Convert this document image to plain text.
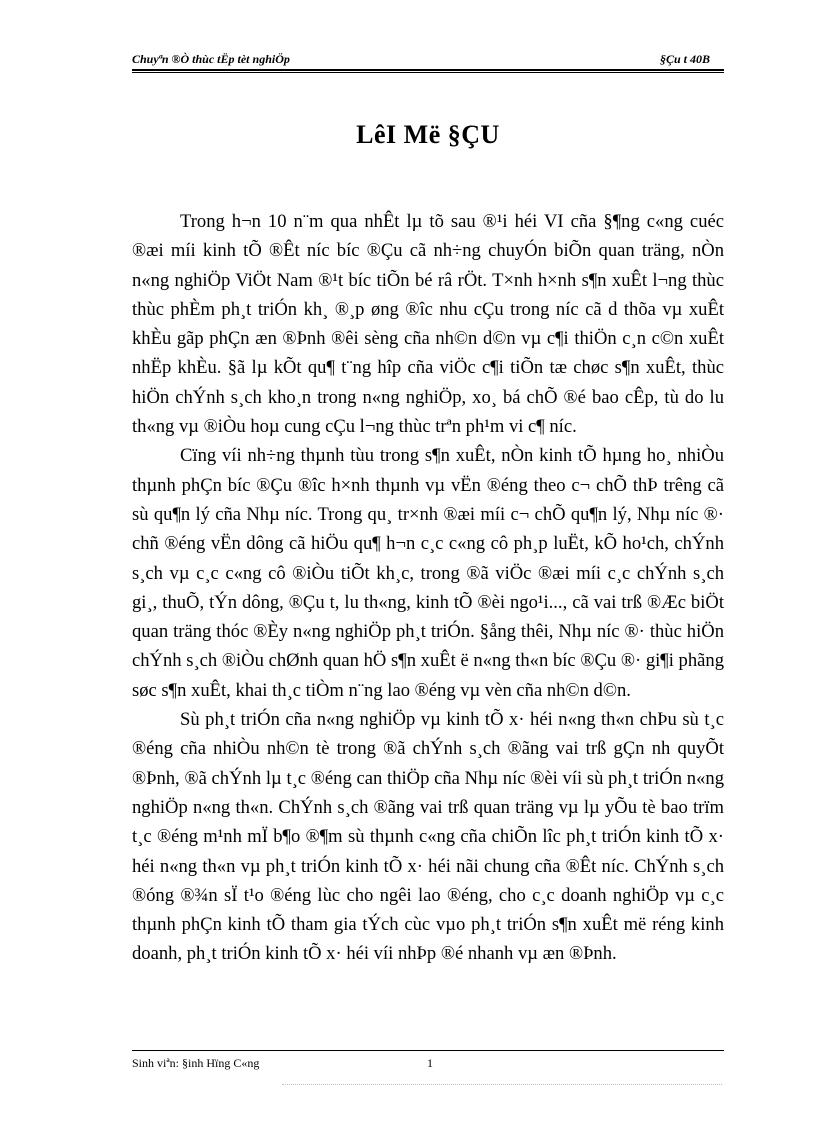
Chuyªn ®Ò thùc tËp tèt nghiÖp	§Çu t 40B
LêI Më §ÇU

Trong h¬n 10 n¨m qua nhÊt lµ tõ sau ®¹i héi VI cña §¶ng c«ng cuéc ®æi míi kinh tÕ ®Êt níc bíc ®Çu cã nh÷ng chuyÓn biÕn quan träng, nÒn n«ng nghiÖp ViÖt Nam ®¹t bíc tiÕn bé râ rÖt. T×nh h×nh s¶n xuÊt l¬ng thùc thùc phÈm ph¸t triÓn kh¸ ®¸p øng ®îc nhu cÇu trong níc cã d thõa vµ xuÊt khÈu gãp phÇn æn ®Þnh ®êi sèng cña nh©n d©n vµ c¶i thiÖn c¸n c©n xuÊt nhËp khÈu. §ã lµ kÕt qu¶ t¨ng hîp cña viÖc c¶i tiÕn tæ chøc s¶n xuÊt, thùc hiÖn chÝnh s¸ch kho¸n trong n«ng nghiÖp, xo¸ bá chÕ ®é bao cÊp, tù do lu th«ng vµ ®iÒu hoµ cung cÇu l¬ng thùc trªn ph¹m vi c¶ níc.

Cïng víi nh÷ng thµnh tùu trong s¶n xuÊt, nÒn kinh tÕ hµng ho¸ nhiÒu thµnh phÇn bíc ®Çu ®îc h×nh thµnh vµ vËn ®éng theo c¬ chÕ thÞ trêng cã sù qu¶n lý cña Nhµ níc. Trong qu¸ tr×nh ®æi míi c¬ chÕ qu¶n lý, Nhµ níc ®· chñ ®éng vËn dông cã hiÖu qu¶ h¬n c¸c c«ng cô ph¸p luËt, kÕ ho¹ch, chÝnh s¸ch vµ c¸c c«ng cô ®iÒu tiÕt kh¸c, trong ®ã viÖc ®æi míi c¸c chÝnh s¸ch gi¸, thuÕ, tÝn dông, ®Çu t, lu th«ng, kinh tÕ ®èi ngo¹i..., cã vai trß ®Æc biÖt quan träng thóc ®Èy n«ng nghiÖp ph¸t triÓn. §ång thêi, Nhµ níc ®· thùc hiÖn chÝnh s¸ch ®iÒu chØnh quan hÖ s¶n xuÊt ë n«ng th«n bíc ®Çu ®· gi¶i phãng søc s¶n xuÊt, khai th¸c tiÒm n¨ng lao ®éng vµ vèn cña nh©n d©n.

Sù ph¸t triÓn cña n«ng nghiÖp vµ kinh tÕ x· héi n«ng th«n chÞu sù t¸c ®éng cña nhiÒu nh©n tè trong ®ã chÝnh s¸ch ®ãng vai trß gÇn nh quyÕt ®Þnh, ®ã chÝnh lµ t¸c ®éng can thiÖp cña Nhµ níc ®èi víi sù ph¸t triÓn n«ng nghiÖp n«ng th«n. ChÝnh s¸ch ®ãng vai trß quan träng vµ lµ yÕu tè bao trïm t¸c ®éng m¹nh mÏ b¶o ®¶m sù thµnh c«ng cña chiÕn lîc ph¸t triÓn kinh tÕ x· héi n«ng th«n vµ ph¸t triÓn kinh tÕ x· héi nãi chung cña ®Êt níc. ChÝnh s¸ch ®óng ®¾n sÏ t¹o ®éng lùc cho ngêi lao ®éng, cho c¸c doanh nghiÖp vµ c¸c thµnh phÇn kinh tÕ tham gia tÝch cùc vµo ph¸t triÓn s¶n xuÊt më réng kinh doanh, ph¸t triÓn kinh tÕ x· héi víi nhÞp ®é nhanh vµ æn ®Þnh.

Sinh viªn: §inh Hïng C«ng	1
